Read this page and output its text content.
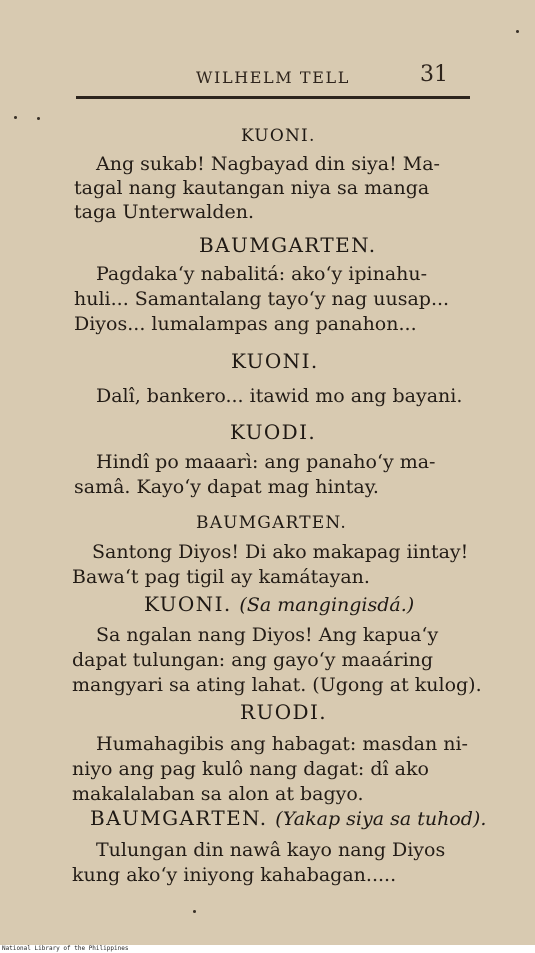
WILHELM TELL	31
KUONI.
Ang sukab! Nagbayad din siya! Ma-
tagal nang kautangan niya sa manga
taga Unterwalden.
BAUMGARTEN.
Pagdaka‘y nabalitá: ako‘y ipinahu-
huli... Samantalang tayo‘y nag uusap...
Diyos... lumalampas ang panahon...
KUONI.
Dalî, bankero... itawid mo ang bayani.
KUODI.
Hindî po maaarì: ang panaho‘y ma-
samâ. Kayo‘y dapat mag hintay.
BAUMGARTEN.
Santong Diyos! Di ako makapag iintay!
Bawa‘t pag tigil ay kamátayan.
KUONI. (Sa mangingisdá.)
Sa ngalan nang Diyos! Ang kapua‘y
dapat tulungan: ang gayo‘y maaáring
mangyari sa ating lahat. (Ugong at kulog).
RUODI.
Humahagibis ang habagat: masdan ni-
niyo ang pag kulô nang dagat: dî ako
makalalaban sa alon at bagyo.
BAUMGARTEN. (Yakap siya sa tuhod).
Tulungan din nawâ kayo nang Diyos
kung ako‘y iniyong kahabagan.....
National Library of the Philippines
